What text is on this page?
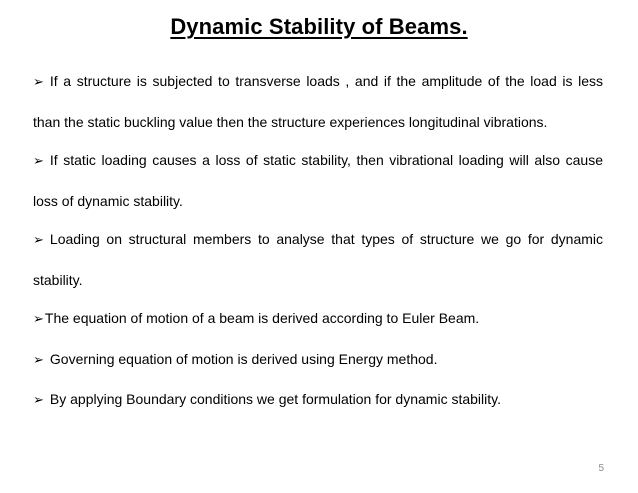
Dynamic Stability of Beams.

➢ If a structure is subjected to transverse loads , and if the amplitude of the load is less than the static buckling value then the structure experiences longitudinal vibrations.

➢ If static loading causes a loss of static stability, then vibrational loading will also cause loss of dynamic stability.

➢ Loading on structural members to analyse that types of structure we go for dynamic stability.

➢The equation of motion of a beam is derived according to Euler Beam.

➢ Governing equation of motion is derived using Energy method.

➢ By applying Boundary conditions we get formulation for dynamic stability.

5
